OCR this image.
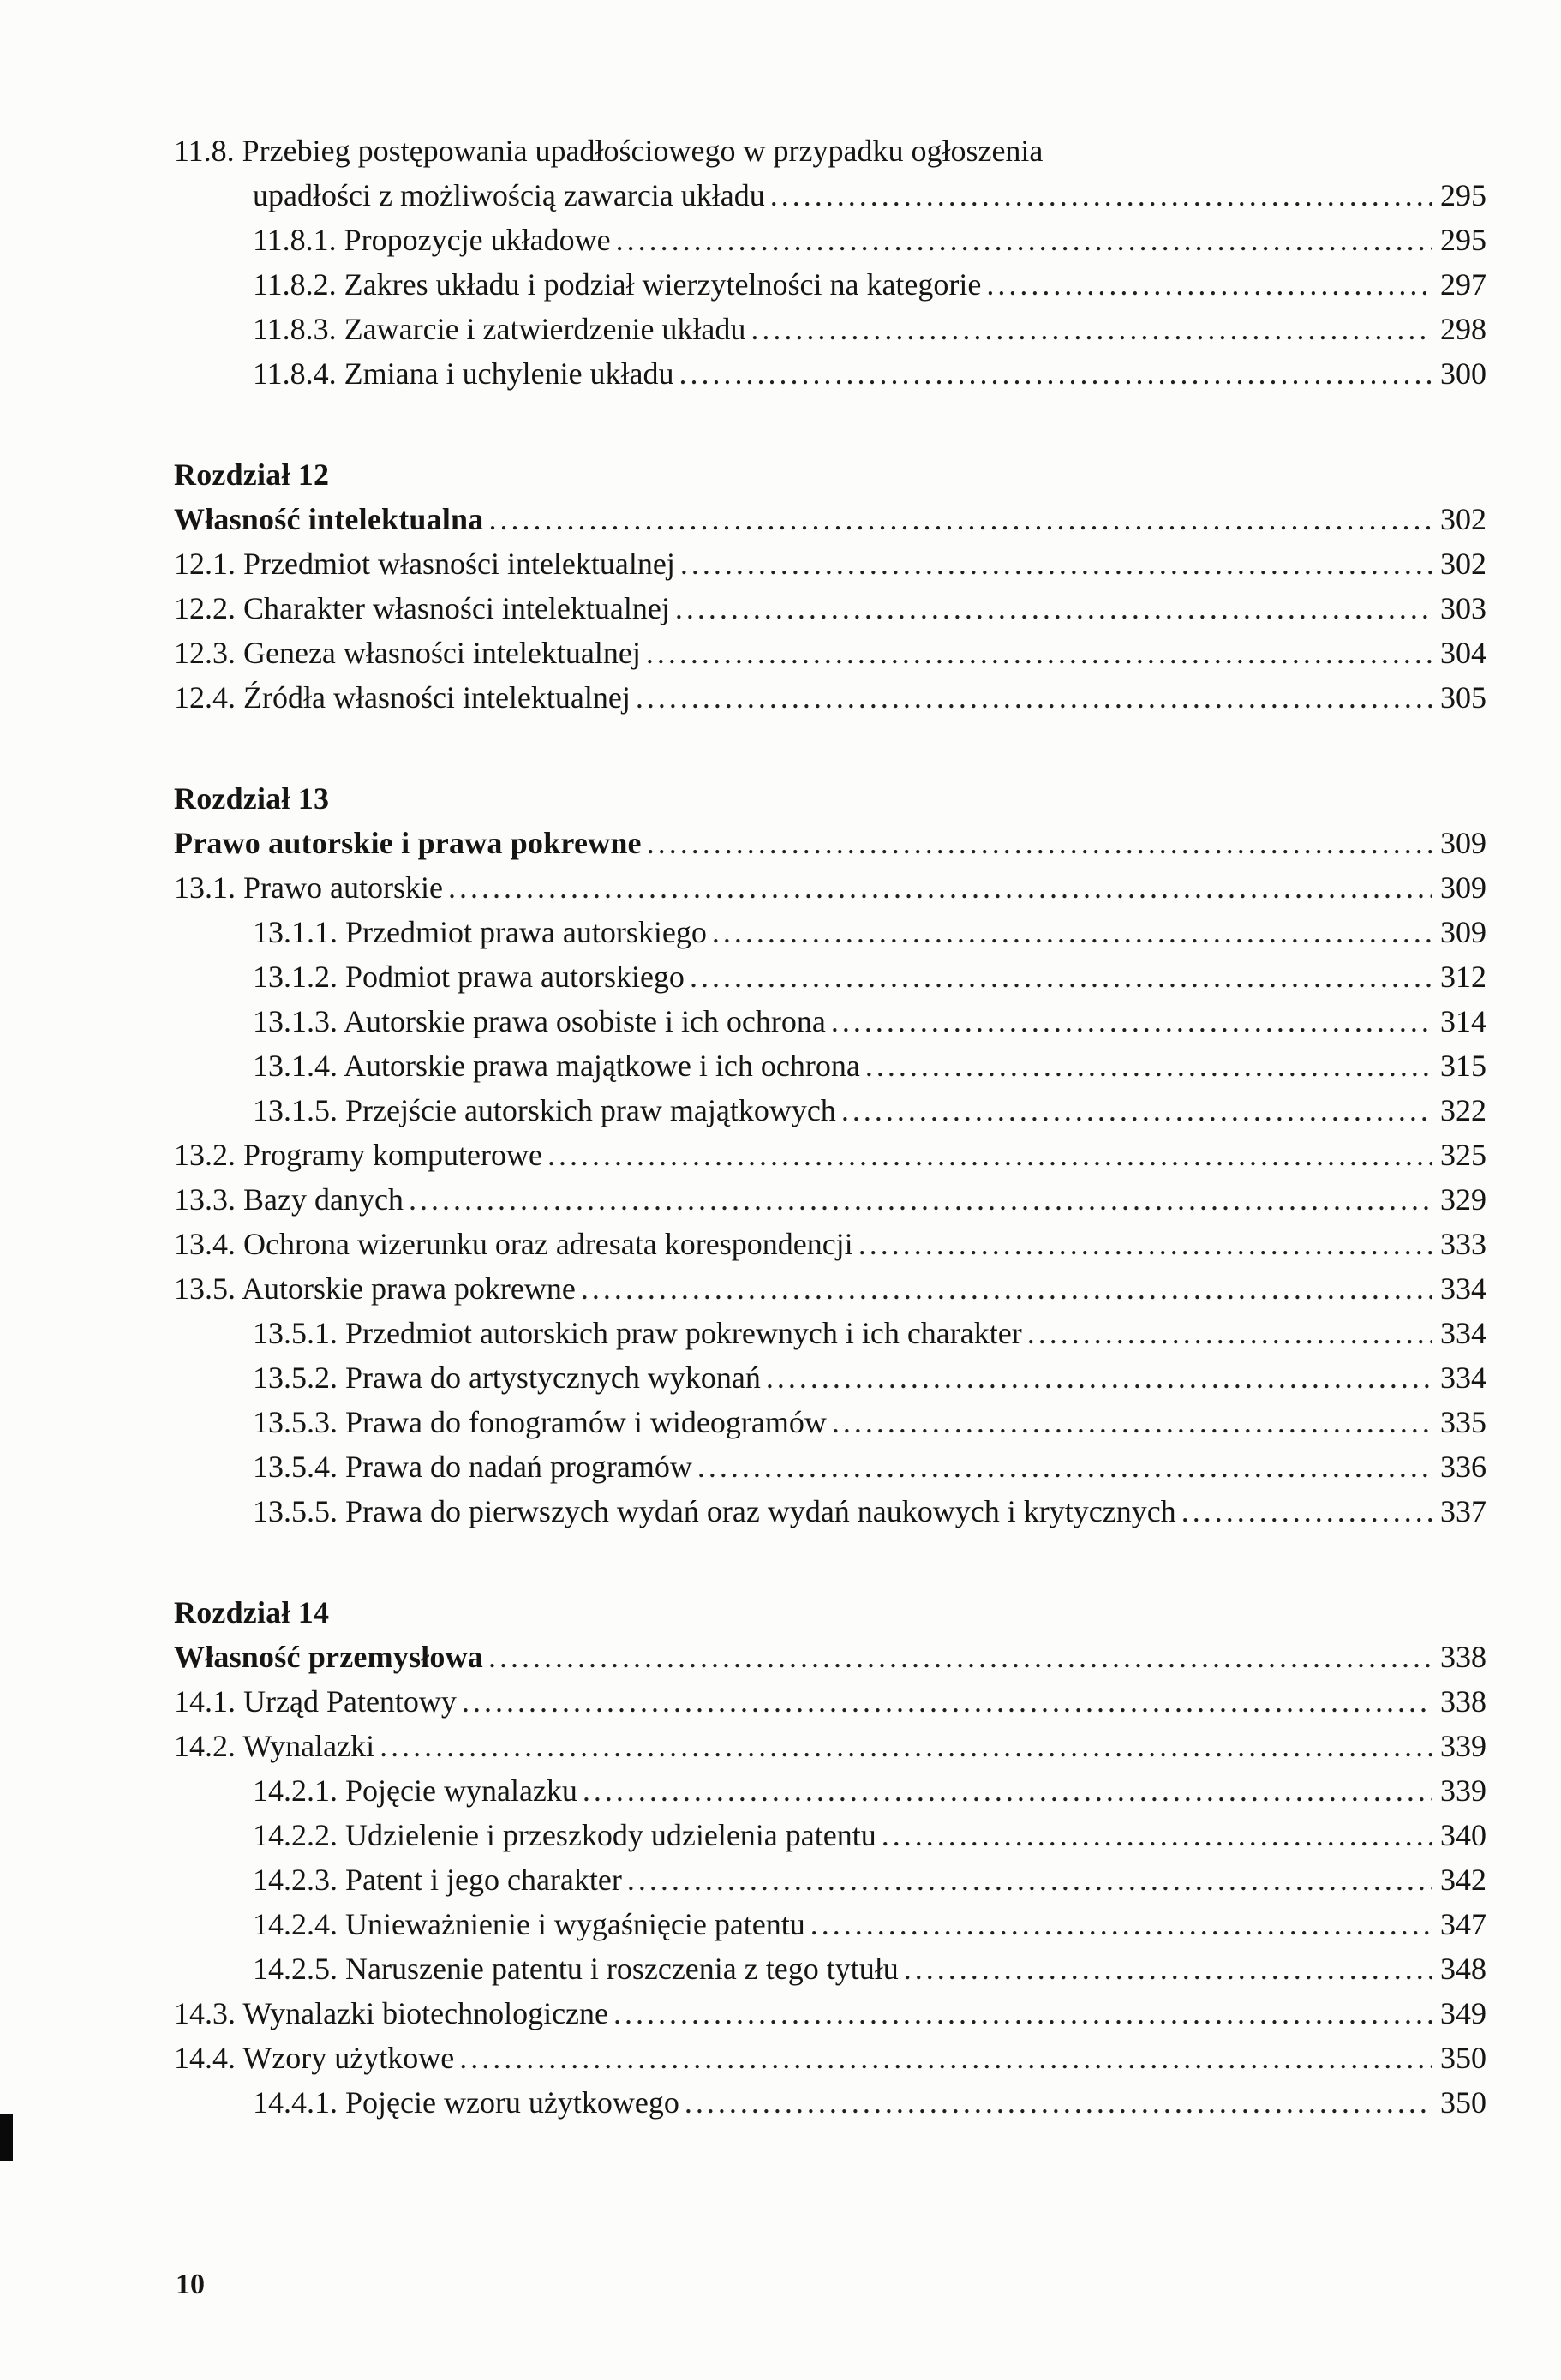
11.8. Przebieg postępowania upadłościowego w przypadku ogłoszenia
upadłości z możliwością zawarcia układu .....	295
11.8.1. Propozycje układowe .....	295
11.8.2. Zakres układu i podział wierzytelności na kategorie .....	297
11.8.3. Zawarcie i zatwierdzenie układu .....	298
11.8.4. Zmiana i uchylenie układu .....	300
Rozdział 12
Własność intelektualna .....	302
12.1. Przedmiot własności intelektualnej .....	302
12.2. Charakter własności intelektualnej .....	303
12.3. Geneza własności intelektualnej .....	304
12.4. Źródła własności intelektualnej .....	305
Rozdział 13
Prawo autorskie i prawa pokrewne .....	309
13.1. Prawo autorskie .....	309
13.1.1. Przedmiot prawa autorskiego .....	309
13.1.2. Podmiot prawa autorskiego .....	312
13.1.3. Autorskie prawa osobiste i ich ochrona .....	314
13.1.4. Autorskie prawa majątkowe i ich ochrona .....	315
13.1.5. Przejście autorskich praw majątkowych .....	322
13.2. Programy komputerowe .....	325
13.3. Bazy danych .....	329
13.4. Ochrona wizerunku oraz adresata korespondencji .....	333
13.5. Autorskie prawa pokrewne .....	334
13.5.1. Przedmiot autorskich praw pokrewnych i ich charakter .....	334
13.5.2. Prawa do artystycznych wykonań .....	334
13.5.3. Prawa do fonogramów i wideogramów .....	335
13.5.4. Prawa do nadań programów .....	336
13.5.5. Prawa do pierwszych wydań oraz wydań naukowych i krytycznych .....	337
Rozdział 14
Własność przemysłowa .....	338
14.1. Urząd Patentowy .....	338
14.2. Wynalazki .....	339
14.2.1. Pojęcie wynalazku .....	339
14.2.2. Udzielenie i przeszkody udzielenia patentu .....	340
14.2.3. Patent i jego charakter .....	342
14.2.4. Unieważnienie i wygaśnięcie patentu .....	347
14.2.5. Naruszenie patentu i roszczenia z tego tytułu .....	348
14.3. Wynalazki biotechnologiczne .....	349
14.4. Wzory użytkowe .....	350
14.4.1. Pojęcie wzoru użytkowego .....	350
10
